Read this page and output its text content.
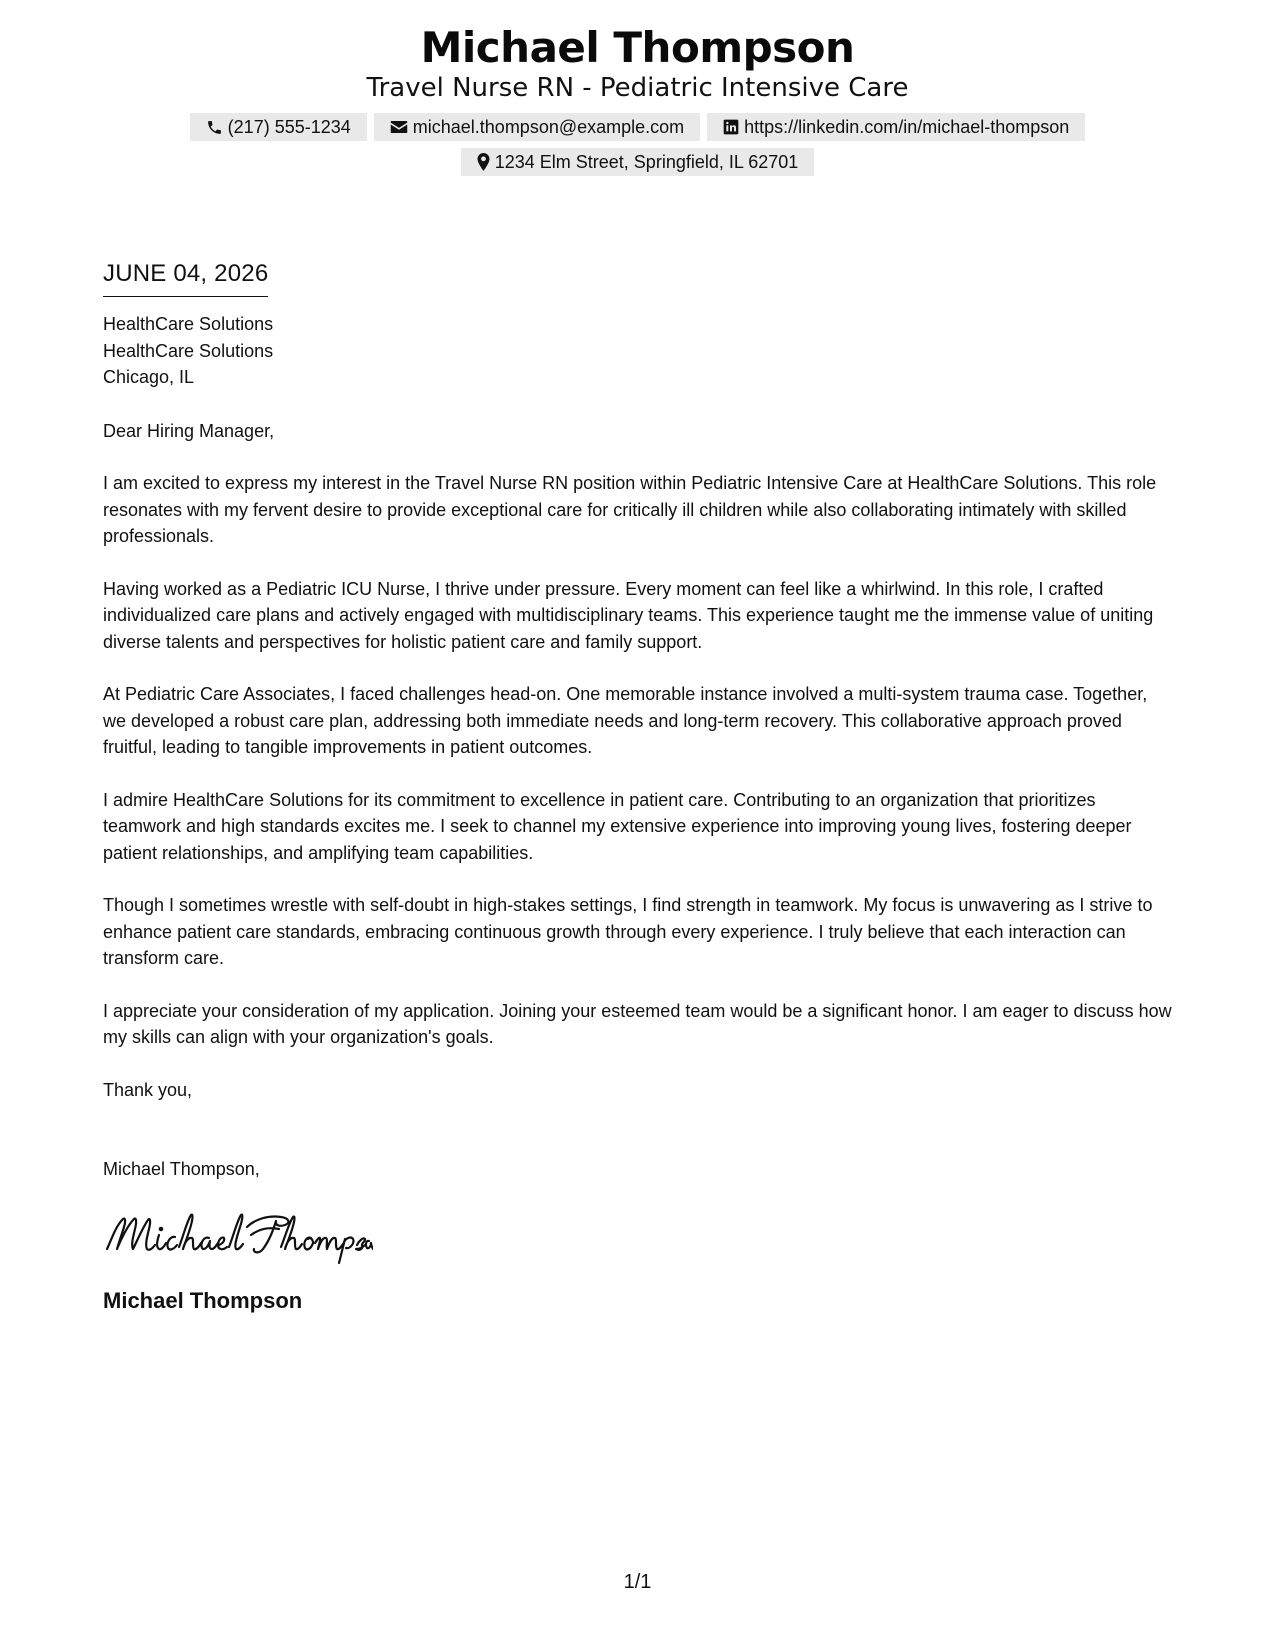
Michael Thompson
Travel Nurse RN - Pediatric Intensive Care
(217) 555-1234	michael.thompson@example.com	https://linkedin.com/in/michael-thompson
1234 Elm Street, Springfield, IL 62701
JUNE 04, 2026
HealthCare Solutions
HealthCare Solutions
Chicago, IL
Dear Hiring Manager,

I am excited to express my interest in the Travel Nurse RN position within Pediatric Intensive Care at HealthCare Solutions. This role resonates with my fervent desire to provide exceptional care for critically ill children while also collaborating intimately with skilled professionals.

Having worked as a Pediatric ICU Nurse, I thrive under pressure. Every moment can feel like a whirlwind. In this role, I crafted individualized care plans and actively engaged with multidisciplinary teams. This experience taught me the immense value of uniting diverse talents and perspectives for holistic patient care and family support.

At Pediatric Care Associates, I faced challenges head-on. One memorable instance involved a multi-system trauma case. Together, we developed a robust care plan, addressing both immediate needs and long-term recovery. This collaborative approach proved fruitful, leading to tangible improvements in patient outcomes.

I admire HealthCare Solutions for its commitment to excellence in patient care. Contributing to an organization that prioritizes teamwork and high standards excites me. I seek to channel my extensive experience into improving young lives, fostering deeper patient relationships, and amplifying team capabilities.

Though I sometimes wrestle with self-doubt in high-stakes settings, I find strength in teamwork. My focus is unwavering as I strive to enhance patient care standards, embracing continuous growth through every experience. I truly believe that each interaction can transform care.

I appreciate your consideration of my application. Joining your esteemed team would be a significant honor. I am eager to discuss how my skills can align with your organization's goals.

Thank you,
Michael Thompson,
Michael Thompson
1/1
